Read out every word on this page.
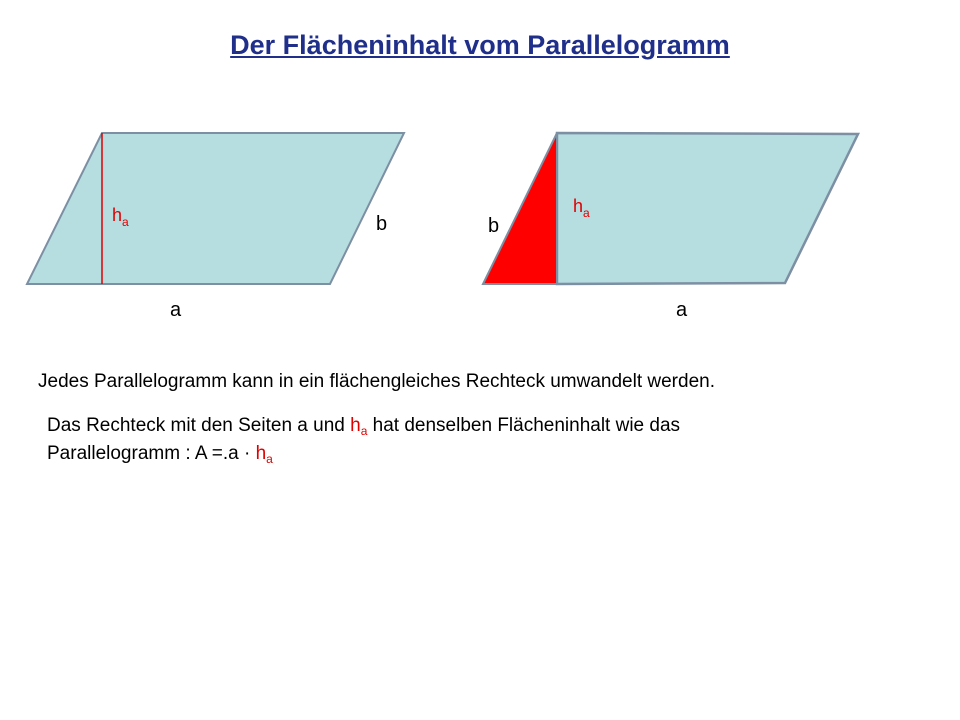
Der Flächeninhalt vom Parallelogramm
$h_a$	b
a
$h_a$
b
a
Jedes Parallelogramm kann in ein flächengleiches Rechteck umwandelt werden.
Das Rechteck mit den Seiten a und $h_a$ hat denselben Flächeninhalt wie das
Parallelogramm : $A =.a \cdot h_a$
